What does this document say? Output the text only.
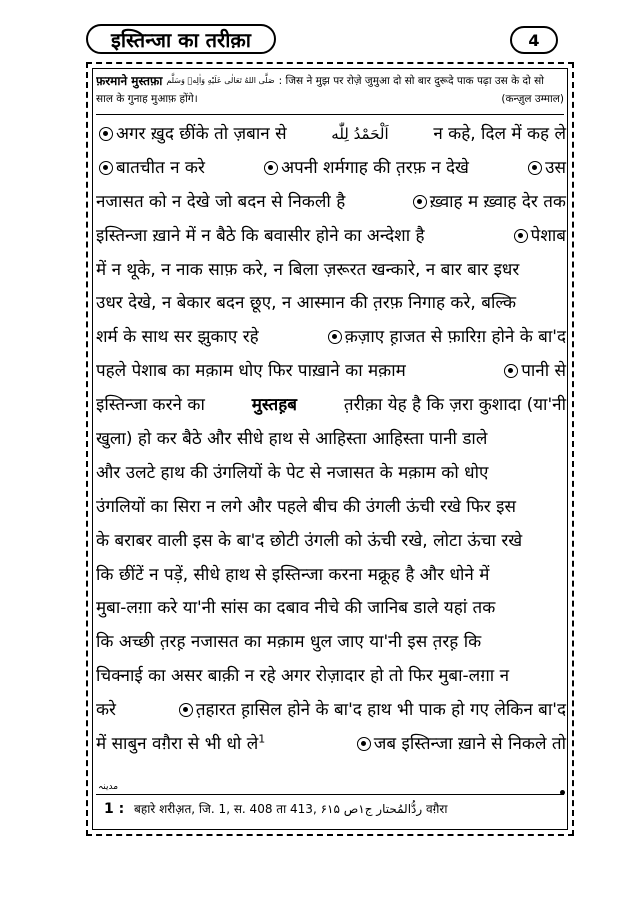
इस्तिन्जा का तरीक़ा	4
फ़रमाने मुस्तफ़ा صَلَّى اللهُ تَعَالٰى عَلَيْهِ وَاٰلِهٖ وَسَلَّم : जिस ने मुझ पर रोज़े जुमुआ दो सो बार दुरूदे पाक पढ़ा उस के दो सो
साल के गुनाह मुआफ़ होंगे।	(कन्ज़ुल उम्माल)
अगर ख़ुद छींके तो ज़बान से	اَلْحَمْدُ لِلّٰه	न कहे, दिल में कह ले
बातचीत न करे	अपनी शर्मगाह की त़रफ़ न देखे	उस
नजासत को न देखे जो बदन से निकली है	ख़्वाह म ख़्वाह देर तक
इस्तिन्जा ख़ाने में न बैठे कि बवासीर होने का अन्देशा है	पेशाब
में न थूके, न नाक साफ़ करे, न बिला ज़रूरत खन्कारे, न बार बार इधर
उधर देखे, न बेकार बदन छूए, न आस्मान की त़रफ़ निगाह करे, बल्कि
शर्म के साथ सर झुकाए रहे	क़ज़ाए ह़ाजत से फ़ारिग़ होने के बा'द
पहले पेशाब का मक़ाम धोए फिर पाख़ाने का मक़ाम	पानी से
इस्तिन्जा करने का	मुस्तह़ब	त़रीक़ा येह है कि ज़रा कुशादा (या'नी
खुला) हो कर बैठे और सीधे हाथ से आहिस्ता आहिस्ता पानी डाले
और उलटे हाथ की उंगलियों के पेट से नजासत के मक़ाम को धोए
उंगलियों का सिरा न लगे और पहले बीच की उंगली ऊंची रखे फिर इस
के बराबर वाली इस के बा'द छोटी उंगली को ऊंची रखे, लोटा ऊंचा रखे
कि छींटें न पड़ें, सीधे हाथ से इस्तिन्जा करना मक्रूह है और धोने में
मुबा-लग़ा करे या'नी सांस का दबाव नीचे की जानिब डाले यहां तक
कि अच्छी त़रह़ नजासत का मक़ाम धुल जाए या'नी इस त़रह़ कि
चिक्नाई का असर बाक़ी न रहे अगर रोज़ादार हो तो फिर मुबा-लग़ा न
करे	त़हारत ह़ासिल होने के बा'द हाथ भी पाक हो गए लेकिन बा'द
में साबुन वग़ैरा से भी धो ले$^1$	जब इस्तिन्जा ख़ाने से निकले तो
مدینہ
1 : बहारे शरीअ़त, जि. 1, स. 408 ता 413, ردُّالمُحتار ج۱ص ۶۱۵ वग़ैरा
